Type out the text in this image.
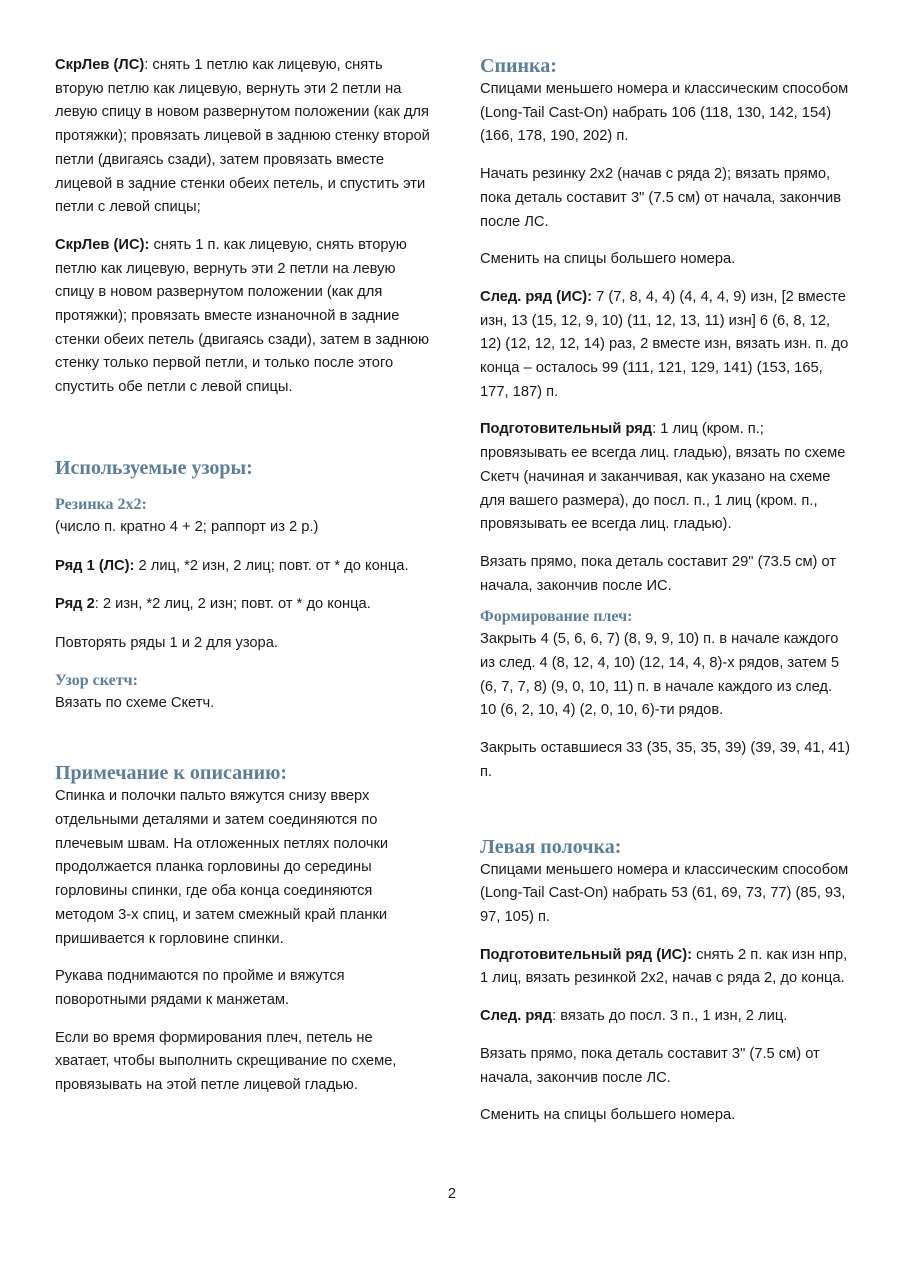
СкрЛев (ЛС): снять 1 петлю как лицевую, снять вторую петлю как лицевую, вернуть эти 2 петли на левую спицу в новом развернутом положении (как для протяжки); провязать лицевой в заднюю стенку второй петли (двигаясь сзади), затем провязать вместе лицевой в задние стенки обеих петель, и спустить эти петли с левой спицы;

СкрЛев (ИС): снять 1 п. как лицевую, снять вторую петлю как лицевую, вернуть эти 2 петли на левую спицу в новом развернутом положении (как для протяжки); провязать вместе изнаночной в задние стенки обеих петель (двигаясь сзади), затем в заднюю стенку только первой петли, и только после этого спустить обе петли с левой спицы.

Используемые узоры:
Резинка 2х2:

(число п. кратно 4 + 2; раппорт из 2 р.)

Ряд 1 (ЛС): 2 лиц, *2 изн, 2 лиц; повт. от * до конца.

Ряд 2: 2 изн, *2 лиц, 2 изн; повт. от * до конца.

Повторять ряды 1 и 2 для узора.

Узор скетч:

Вязать по схеме Скетч.

Примечание к описанию:

Спинка и полочки пальто вяжутся снизу вверх отдельными деталями и затем соединяются по плечевым швам. На отложенных петлях полочки продолжается планка горловины до середины горловины спинки, где оба конца соединяются методом 3-х спиц, и затем смежный край планки пришивается к горловине спинки.

Рукава поднимаются по пройме и вяжутся поворотными рядами к манжетам.

Если во время формирования плеч, петель не хватает, чтобы выполнить скрещивание по схеме, провязывать на этой петле лицевой гладью.

Спинка:

Спицами меньшего номера и классическим способом (Long-Tail Cast-On) набрать 106 (118, 130, 142, 154) (166, 178, 190, 202) п.

Начать резинку 2х2 (начав с ряда 2); вязать прямо, пока деталь составит 3" (7.5 см) от начала, закончив после ЛС.

Сменить на спицы большего номера.

След. ряд (ИС): 7 (7, 8, 4, 4) (4, 4, 4, 9) изн, [2 вместе изн, 13 (15, 12, 9, 10) (11, 12, 13, 11) изн] 6 (6, 8, 12, 12) (12, 12, 12, 14) раз, 2 вместе изн, вязать изн. п. до конца – осталось 99 (111, 121, 129, 141) (153, 165, 177, 187) п.

Подготовительный ряд: 1 лиц (кром. п.; провязывать ее всегда лиц. гладью), вязать по схеме Скетч (начиная и заканчивая, как указано на схеме для вашего размера), до посл. п., 1 лиц (кром. п., провязывать ее всегда лиц. гладью).

Вязать прямо, пока деталь составит 29" (73.5 см) от начала, закончив после ИС.

Формирование плеч:

Закрыть 4 (5, 6, 6, 7) (8, 9, 9, 10) п. в начале каждого из след. 4 (8, 12, 4, 10) (12, 14, 4, 8)-х рядов, затем 5 (6, 7, 7, 8) (9, 0, 10, 11) п. в начале каждого из след. 10 (6, 2, 10, 4) (2, 0, 10, 6)-ти рядов.

Закрыть оставшиеся 33 (35, 35, 35, 39) (39, 39, 41, 41) п.

Левая полочка:

Спицами меньшего номера и классическим способом (Long-Tail Cast-On) набрать 53 (61, 69, 73, 77) (85, 93, 97, 105) п.

Подготовительный ряд (ИС): снять 2 п. как изн нпр, 1 лиц, вязать резинкой 2х2, начав с ряда 2, до конца.

След. ряд: вязать до посл. 3 п., 1 изн, 2 лиц.

Вязать прямо, пока деталь составит 3" (7.5 см) от начала, закончив после ЛС.

Сменить на спицы большего номера.

2
